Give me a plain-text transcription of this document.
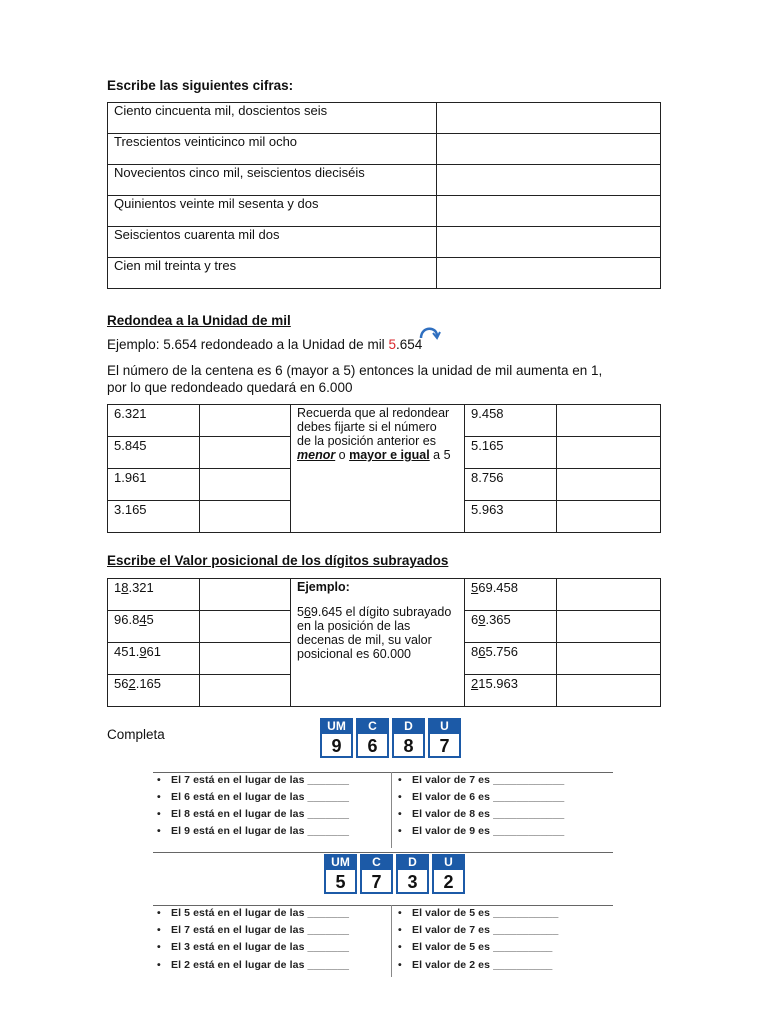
Escribe las siguientes cifras:
Ciento cincuenta mil, doscientos seis	
Trescientos veinticinco mil ocho	
Novecientos cinco mil, seiscientos dieciséis	
Quinientos veinte mil sesenta y dos	
Seiscientos cuarenta mil dos	
Cien mil treinta y tres	
Redondea a la Unidad de mil
Ejemplo: 5.654 redondeado a la Unidad de mil 5.654
El número de la centena es 6 (mayor a 5) entonces la unidad de mil aumenta en 1,
por lo que redondeado quedará en 6.000
6.321		Recuerda que al redondear
debes fijarte si el número
de la posición anterior es
menor o mayor e igual a 5	9.458	
5.845			5.165	
1.961			8.756	
3.165			5.963	
Escribe el Valor posicional de los dígitos subrayados
18.321		Ejemplo:
569.645 el dígito subrayado
en la posición de las
decenas de mil, su valor
posicional es 60.000	569.458	
96.845			69.365	
451.961			865.756	
562.165			215.963	
Completa
UM
9
C
6
D
8
U
7
• El 7 está en el lugar de las _______
• El 6 está en el lugar de las _______
• El 8 está en el lugar de las _______
• El 9 está en el lugar de las _______
• El valor de 7 es ____________
• El valor de 6 es ____________
• El valor de 8 es ____________
• El valor de 9 es ____________
UM
5
C
7
D
3
U
2
• El 5 está en el lugar de las _______
• El 7 está en el lugar de las _______
• El 3 está en el lugar de las _______
• El 2 está en el lugar de las _______
• El valor de 5 es ___________
• El valor de 7 es ___________
• El valor de 5 es __________
• El valor de 2 es __________
